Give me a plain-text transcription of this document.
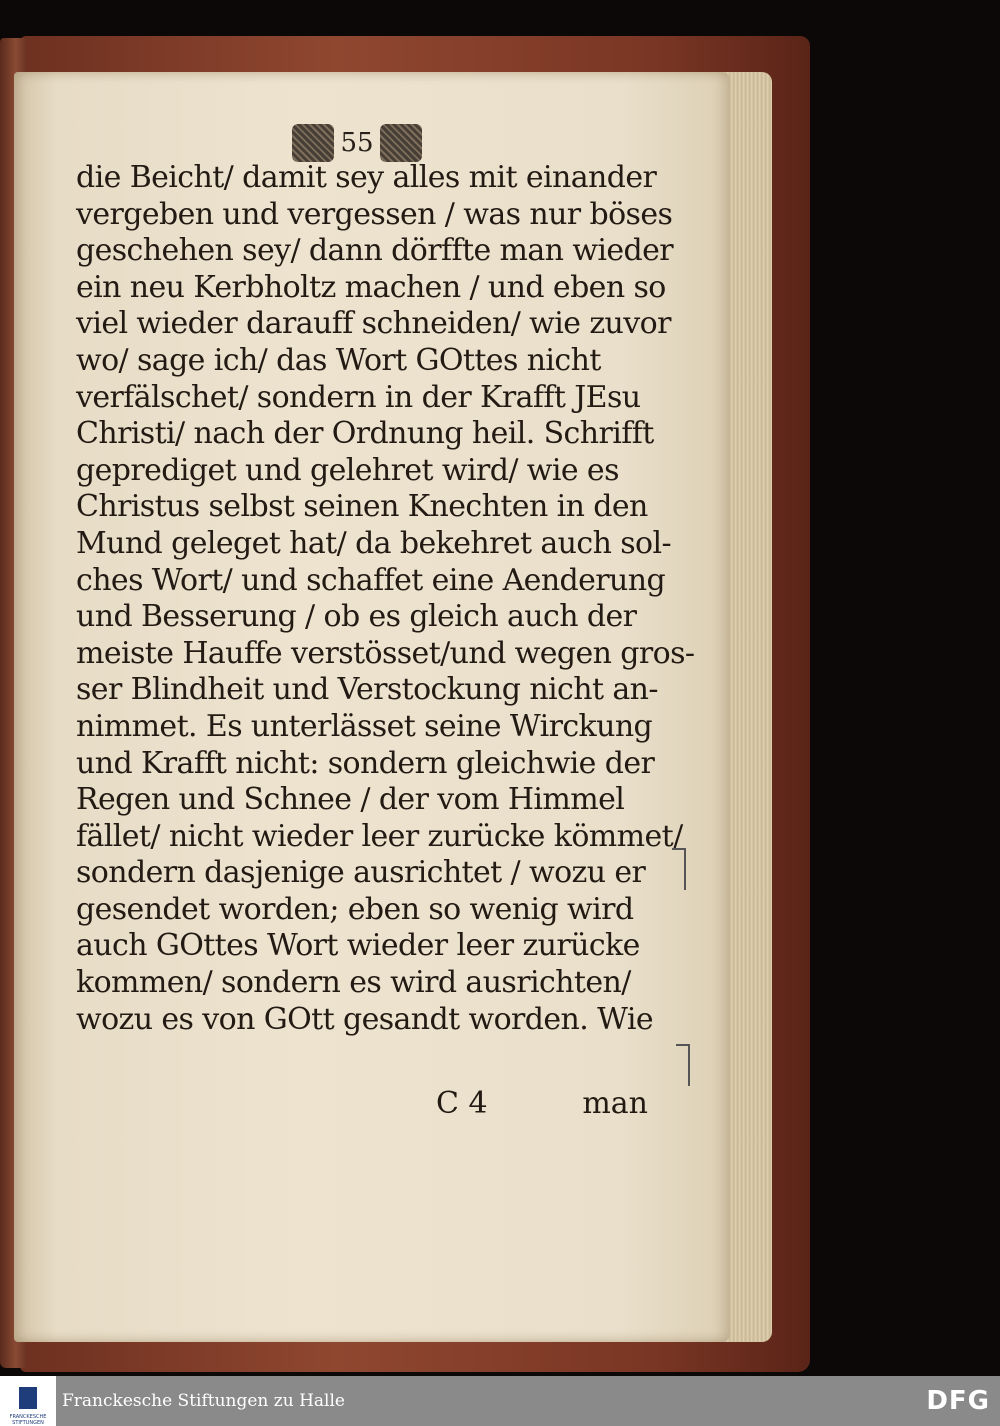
55
die Beicht/ damit sey alles mit einander
vergeben und vergessen / was nur böses
geschehen sey/ dann dörffte man wieder
ein neu Kerbholtz machen / und eben so
viel wieder darauff schneiden/ wie zuvor
wo/ sage ich/ das Wort GOttes nicht
verfälschet/ sondern in der Krafft JEsu
Christi/ nach der Ordnung heil. Schrifft
geprediget und gelehret wird/ wie es
Christus selbst seinen Knechten in den
Mund geleget hat/ da bekehret auch sol-
ches Wort/ und schaffet eine Aenderung
und Besserung / ob es gleich auch der
meiste Hauffe verstösset/und wegen gros-
ser Blindheit und Verstockung nicht an-
nimmet. Es unterlässet seine Wirckung
und Krafft nicht: sondern gleichwie der
Regen und Schnee / der vom Himmel
fället/ nicht wieder leer zurücke kömmet/
sondern dasjenige ausrichtet / wozu er
gesendet worden; eben so wenig wird
auch GOttes Wort wieder leer zurücke
kommen/ sondern es wird ausrichten/
wozu es von GOtt gesandt worden. Wie
C 4	man
FRANCKESCHE STIFTUNGEN
Franckesche Stiftungen zu Halle	DFG
